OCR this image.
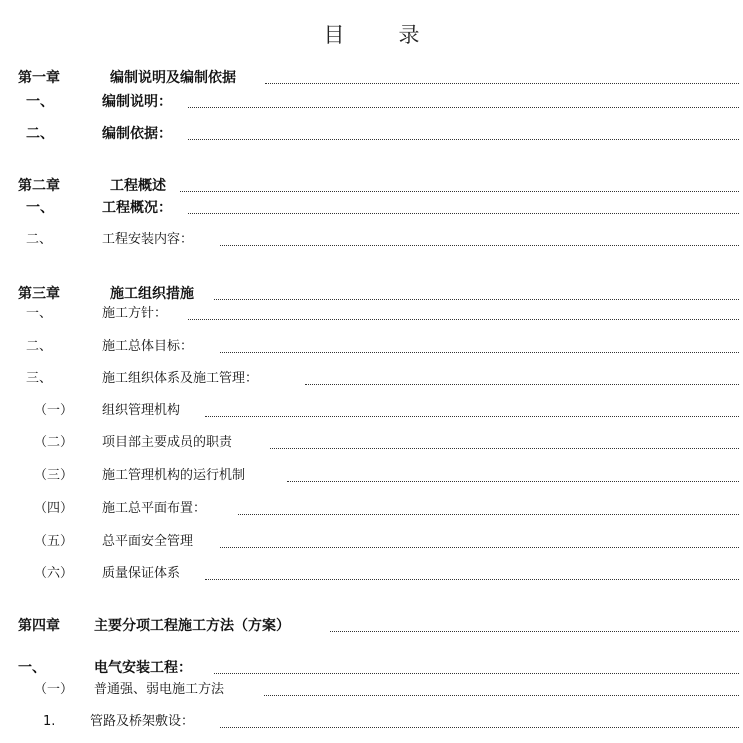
目	录
第一章	编制说明及编制依据
一、	编制说明：
二、	编制依据：
第二章	工程概述
一、	工程概况：
二、	工程安装内容：
第三章	施工组织措施
一、	施工方针：
二、	施工总体目标：
三、	施工组织体系及施工管理：
（一） 组织管理机构
（二） 项目部主要成员的职责
（三） 施工管理机构的运行机制
（四） 施工总平面布置：
（五） 总平面安全管理
（六） 质量保证体系
第四章 主要分项工程施工方法（方案）
一、	电气安装工程：
（一） 普通强、弱电施工方法
1.	管路及桥架敷设：
